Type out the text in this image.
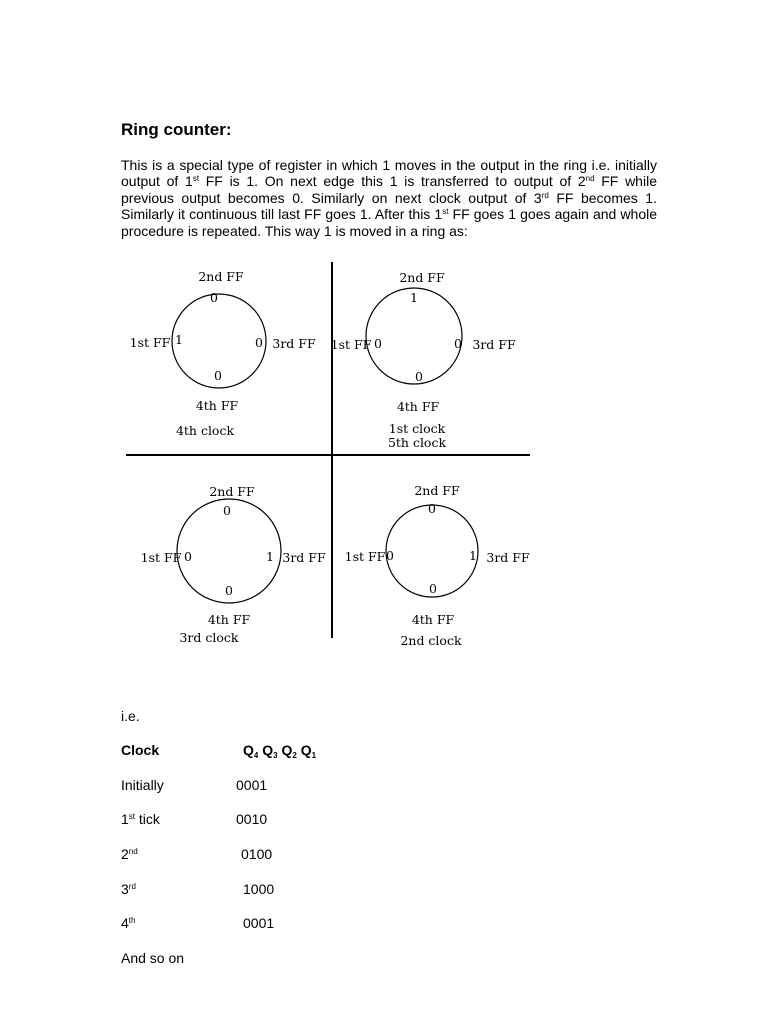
Ring counter:

This is a special type of register in which 1 moves in the output in the ring i.e. initially output of 1st FF is 1. On next edge this 1 is transferred to output of 2nd FF while previous output becomes 0. Similarly on next clock output of 3rd FF becomes 1. Similarly it continuous till last FF goes 1. After this 1st FF goes 1 goes again and whole procedure is repeated. This way 1 is moved in a ring as:

2nd FF
0
1st FF 1	0 3rd FF
0
4th FF
4th clock
2nd FF
1
1st FF 0	0 3rd FF
0
4th FF
1st clock
5th clock
2nd FF
0
1st FF 0	1 3rd FF
0
4th FF
3rd clock
2nd FF
0
1st FF 0	1 3rd FF
0
4th FF
2nd clock

i.e.

Clock	$Q_4$ $Q_3$ $Q_2$ $Q_1$

Initially	0001

1st tick	0010

2nd	0100

3rd	1000

4th	0001

And so on
